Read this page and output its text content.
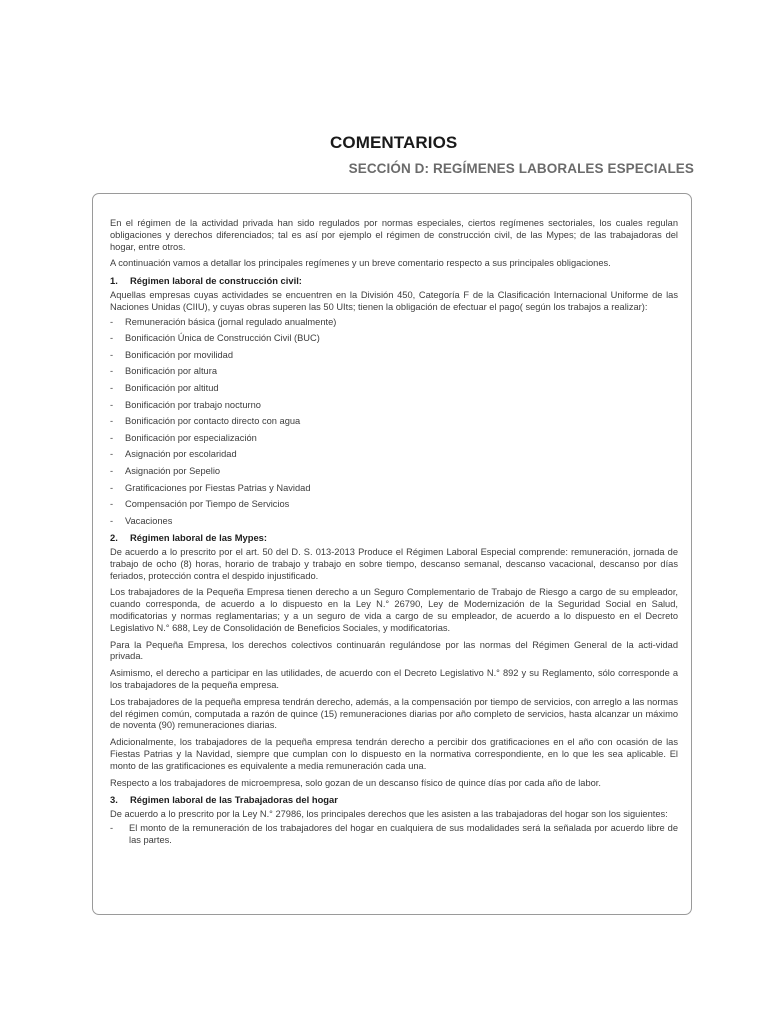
COMENTARIOS
SECCIÓN D: REGÍMENES LABORALES ESPECIALES

En el régimen de la actividad privada han sido regulados por normas especiales, ciertos regímenes sectoriales, los cuales regulan obligaciones y derechos diferenciados; tal es así por ejemplo el régimen de construcción civil, de las Mypes; de las trabajadoras del hogar, entre otros.

A continuación vamos a detallar los principales regímenes y un breve comentario respecto a sus principales obligaciones.

1. Régimen laboral de construcción civil:

Aquellas empresas cuyas actividades se encuentren en la División 450, Categoría F de la Clasificación Internacional Uniforme de las Naciones Unidas (CIIU), y cuyas obras superen las 50 UIts; tienen la obligación de efectuar el pago( según los trabajos a realizar):

- Remuneración básica (jornal regulado anualmente)
- Bonificación Única de Construcción Civil (BUC)
- Bonificación por movilidad
- Bonificación por altura
- Bonificación por altitud
- Bonificación por trabajo nocturno
- Bonificación por contacto directo con agua
- Bonificación por especialización
- Asignación por escolaridad
- Asignación por Sepelio
- Gratificaciones por Fiestas Patrias y Navidad
- Compensación por Tiempo de Servicios
- Vacaciones
2. Régimen laboral de las Mypes:

De acuerdo a lo prescrito por el art. 50 del D. S. 013-2013 Produce el Régimen Laboral Especial comprende: remuneración, jornada de trabajo de ocho (8) horas, horario de trabajo y trabajo en sobre tiempo, descanso semanal, descanso vacacional, descanso por días feriados, protección contra el despido injustificado.

Los trabajadores de la Pequeña Empresa tienen derecho a un Seguro Complementario de Trabajo de Riesgo a cargo de su empleador, cuando corresponda, de acuerdo a lo dispuesto en la Ley N.° 26790, Ley de Modernización de la Seguridad Social en Salud, modificatorias y normas reglamentarias; y a un seguro de vida a cargo de su empleador, de acuerdo a lo dispuesto en el Decreto Legislativo N.° 688, Ley de Consolidación de Beneficios Sociales, y modificatorias.

Para la Pequeña Empresa, los derechos colectivos continuarán regulándose por las normas del Régimen General de la acti-vidad privada.

Asimismo, el derecho a participar en las utilidades, de acuerdo con el Decreto Legislativo N.° 892 y su Reglamento, sólo corresponde a los trabajadores de la pequeña empresa.

Los trabajadores de la pequeña empresa tendrán derecho, además, a la compensación por tiempo de servicios, con arreglo a las normas del régimen común, computada a razón de quince (15) remuneraciones diarias por año completo de servicios, hasta alcanzar un máximo de noventa (90) remuneraciones diarias.

Adicionalmente, los trabajadores de la pequeña empresa tendrán derecho a percibir dos gratificaciones en el año con ocasión de las Fiestas Patrias y la Navidad, siempre que cumplan con lo dispuesto en la normativa correspondiente, en lo que les sea aplicable. El monto de las gratificaciones es equivalente a media remuneración cada una.

Respecto a los trabajadores de microempresa, solo gozan de un descanso físico de quince días por cada año de labor.

3. Régimen laboral de las Trabajadoras del hogar

De acuerdo a lo prescrito por la Ley N.° 27986, los principales derechos que les asisten a las trabajadoras del hogar son los siguientes:

- El monto de la remuneración de los trabajadores del hogar en cualquiera de sus modalidades será la señalada por acuerdo libre de las partes.
